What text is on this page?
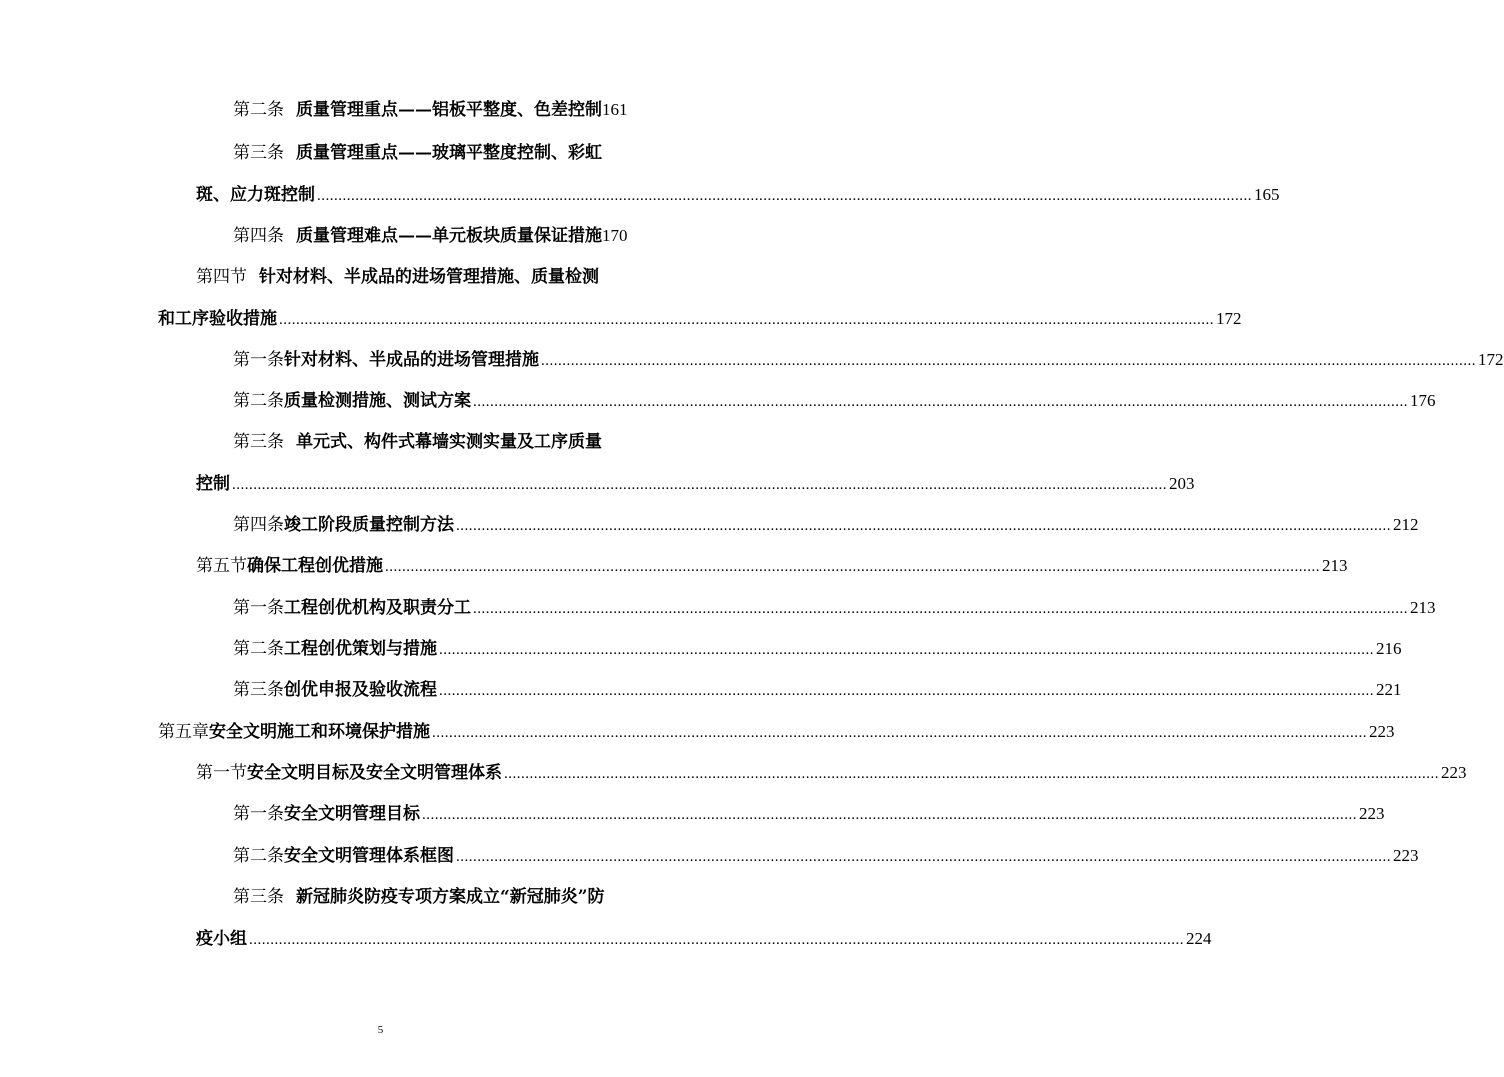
第二条 质量管理重点——铝板平整度、色差控制 161
第三条 质量管理重点——玻璃平整度控制、彩虹
斑、应力斑控制 ............................................................................................................................................................................................................................ 165
第四条 质量管理难点——单元板块质量保证措施 170
第四节 针对材料、半成品的进场管理措施、质量检测
和工序验收措施 ............................................................................................................................................................................................................................ 172
第一条 针对材料、半成品的进场管理措施 ............................................................................................................................................................................................................................ 172
第二条 质量检测措施、测试方案 ............................................................................................................................................................................................................................ 176
第三条 单元式、构件式幕墙实测实量及工序质量
控制 ............................................................................................................................................................................................................................ 203
第四条 竣工阶段质量控制方法 ............................................................................................................................................................................................................................ 212
第五节 确保工程创优措施 ............................................................................................................................................................................................................................ 213
第一条 工程创优机构及职责分工 ............................................................................................................................................................................................................................ 213
第二条 工程创优策划与措施 ............................................................................................................................................................................................................................ 216
第三条 创优申报及验收流程 ............................................................................................................................................................................................................................ 221
第五章 安全文明施工和环境保护措施 ............................................................................................................................................................................................................................ 223
第一节 安全文明目标及安全文明管理体系 ............................................................................................................................................................................................................................ 223
第一条 安全文明管理目标 ............................................................................................................................................................................................................................ 223
第二条 安全文明管理体系框图 ............................................................................................................................................................................................................................ 223
第三条 新冠肺炎防疫专项方案成立“新冠肺炎”防
疫小组 ............................................................................................................................................................................................................................ 224
5
